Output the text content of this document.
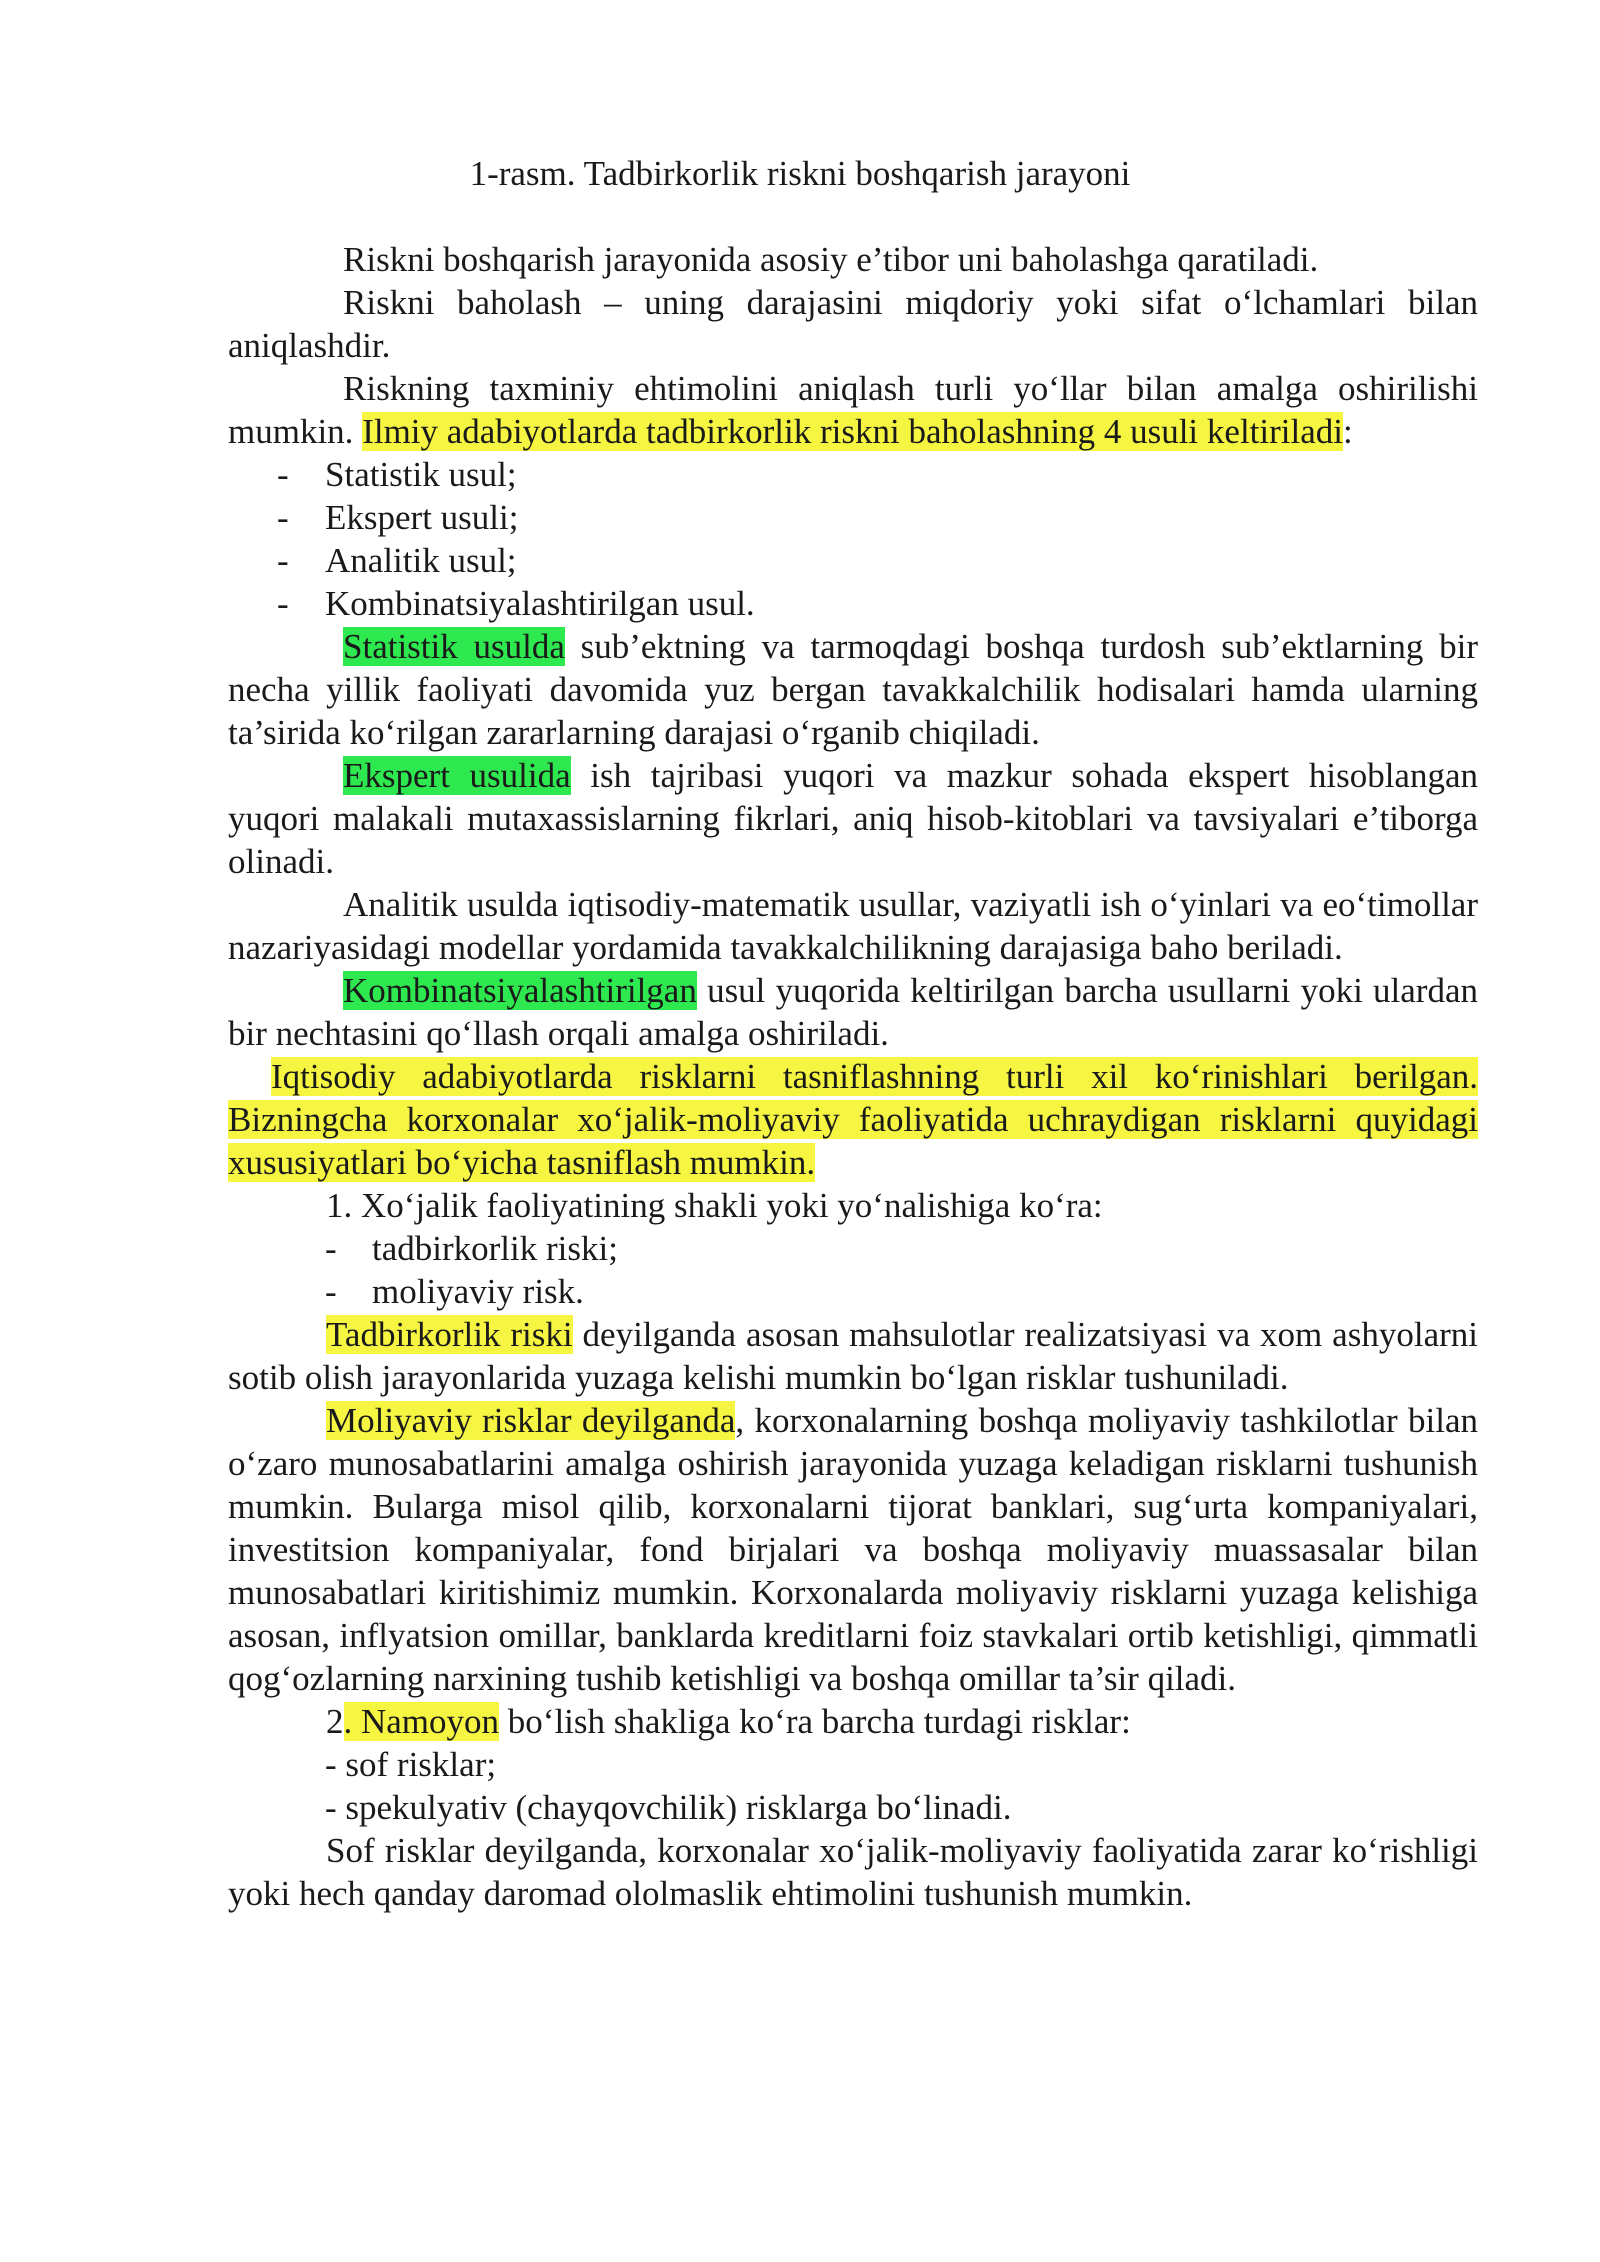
1-rasm. Tadbirkorlik riskni boshqarish jarayoni

Riskni boshqarish jarayonida asosiy e’tibor uni baholashga qaratiladi.

Riskni baholash – uning darajasini miqdoriy yoki sifat o‘lchamlari bilan aniqlashdir.

Riskning taxminiy ehtimolini aniqlash turli yo‘llar bilan amalga oshirilishi mumkin. Ilmiy adabiyotlarda tadbirkorlik riskni baholashning 4 usuli keltiriladi:

- Statistik usul;
- Ekspert usuli;
- Analitik usul;
- Kombinatsiyalashtirilgan usul.

Statistik usulda sub’ektning va tarmoqdagi boshqa turdosh sub’ektlarning bir necha yillik faoliyati davomida yuz bergan tavakkalchilik hodisalari hamda ularning ta’sirida ko‘rilgan zararlarning darajasi o‘rganib chiqiladi.

Ekspert usulida ish tajribasi yuqori va mazkur sohada ekspert hisoblangan yuqori malakali mutaxassislarning fikrlari, aniq hisob-kitoblari va tavsiyalari e’tiborga olinadi.

Analitik usulda iqtisodiy-matematik usullar, vaziyatli ish o‘yinlari va eo‘timollar nazariyasidagi modellar yordamida tavakkalchilikning darajasiga baho beriladi.

Kombinatsiyalashtirilgan usul yuqorida keltirilgan barcha usullarni yoki ulardan bir nechtasini qo‘llash orqali amalga oshiriladi.

Iqtisodiy adabiyotlarda risklarni tasniflashning turli xil ko‘rinishlari berilgan. Bizningcha korxonalar xo‘jalik-moliyaviy faoliyatida uchraydigan risklarni quyidagi xususiyatlari bo‘yicha tasniflash mumkin.

1. Xo‘jalik faoliyatining shakli yoki yo‘nalishiga ko‘ra:

- tadbirkorlik riski;
- moliyaviy risk.

Tadbirkorlik riski deyilganda asosan mahsulotlar realizatsiyasi va xom ashyolarni sotib olish jarayonlarida yuzaga kelishi mumkin bo‘lgan risklar tushuniladi.

Moliyaviy risklar deyilganda, korxonalarning boshqa moliyaviy tashkilotlar bilan o‘zaro munosabatlarini amalga oshirish jarayonida yuzaga keladigan risklarni tushunish mumkin. Bularga misol qilib, korxonalarni tijorat banklari, sug‘urta kompaniyalari, investitsion kompaniyalar, fond birjalari va boshqa moliyaviy muassasalar bilan munosabatlari kiritishimiz mumkin. Korxonalarda moliyaviy risklarni yuzaga kelishiga asosan, inflyatsion omillar, banklarda kreditlarni foiz stavkalari ortib ketishligi, qimmatli qog‘ozlarning narxining tushib ketishligi va boshqa omillar ta’sir qiladi.

2. Namoyon bo‘lish shakliga ko‘ra barcha turdagi risklar:

- sof risklar;

- spekulyativ (chayqovchilik) risklarga bo‘linadi.

Sof risklar deyilganda, korxonalar xo‘jalik-moliyaviy faoliyatida zarar ko‘rishligi yoki hech qanday daromad ololmaslik ehtimolini tushunish mumkin.
